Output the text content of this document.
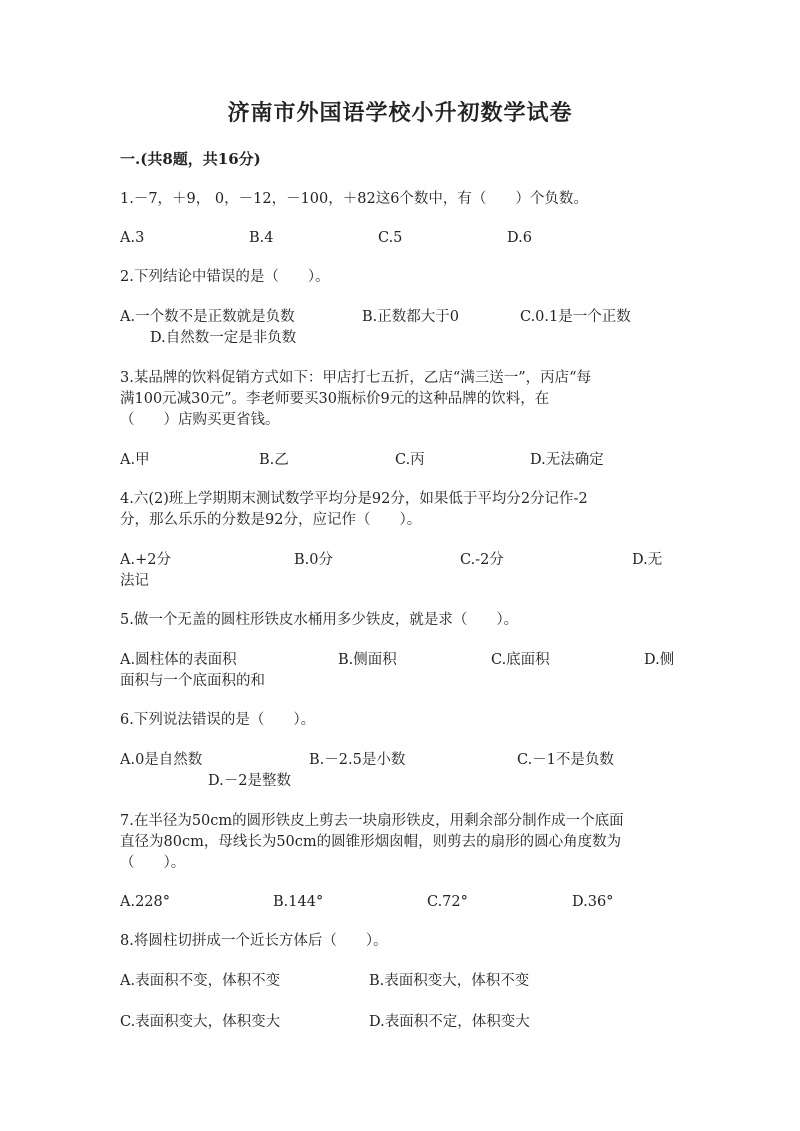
济南市外国语学校小升初数学试卷
一.(共8题，共16分)
1.－7，＋9， 0，－12，－100，＋82这6个数中，有（　　）个负数。
A.3	B.4	C.5	D.6
2.下列结论中错误的是（　　）。
A.一个数不是正数就是负数	B.正数都大于0	C.0.1是一个正数
D.自然数一定是非负数
3.某品牌的饮料促销方式如下：甲店打七五折，乙店“满三送一”，丙店“每
满100元减30元”。李老师要买30瓶标价9元的这种品牌的饮料，在
（　　）店购买更省钱。
A.甲	B.乙	C.丙	D.无法确定
4.六(2)班上学期期末测试数学平均分是92分，如果低于平均分2分记作-2
分，那么乐乐的分数是92分，应记作（　　）。
A.+2分	B.0分	C.-2分	D.无
法记
5.做一个无盖的圆柱形铁皮水桶用多少铁皮，就是求（　　）。
A.圆柱体的表面积	B.侧面积	C.底面积	D.侧
面积与一个底面积的和
6.下列说法错误的是（　　）。
A.0是自然数	B.－2.5是小数	C.－1不是负数
D.－2是整数
7.在半径为50cm的圆形铁皮上剪去一块扇形铁皮，用剩余部分制作成一个底面
直径为80cm，母线长为50cm的圆锥形烟囱帽，则剪去的扇形的圆心角度数为
（　　）。
A.228°	B.144°	C.72°	D.36°
8.将圆柱切拼成一个近长方体后（　　）。
A.表面积不变，体积不变	B.表面积变大，体积不变
C.表面积变大，体积变大	D.表面积不定，体积变大
